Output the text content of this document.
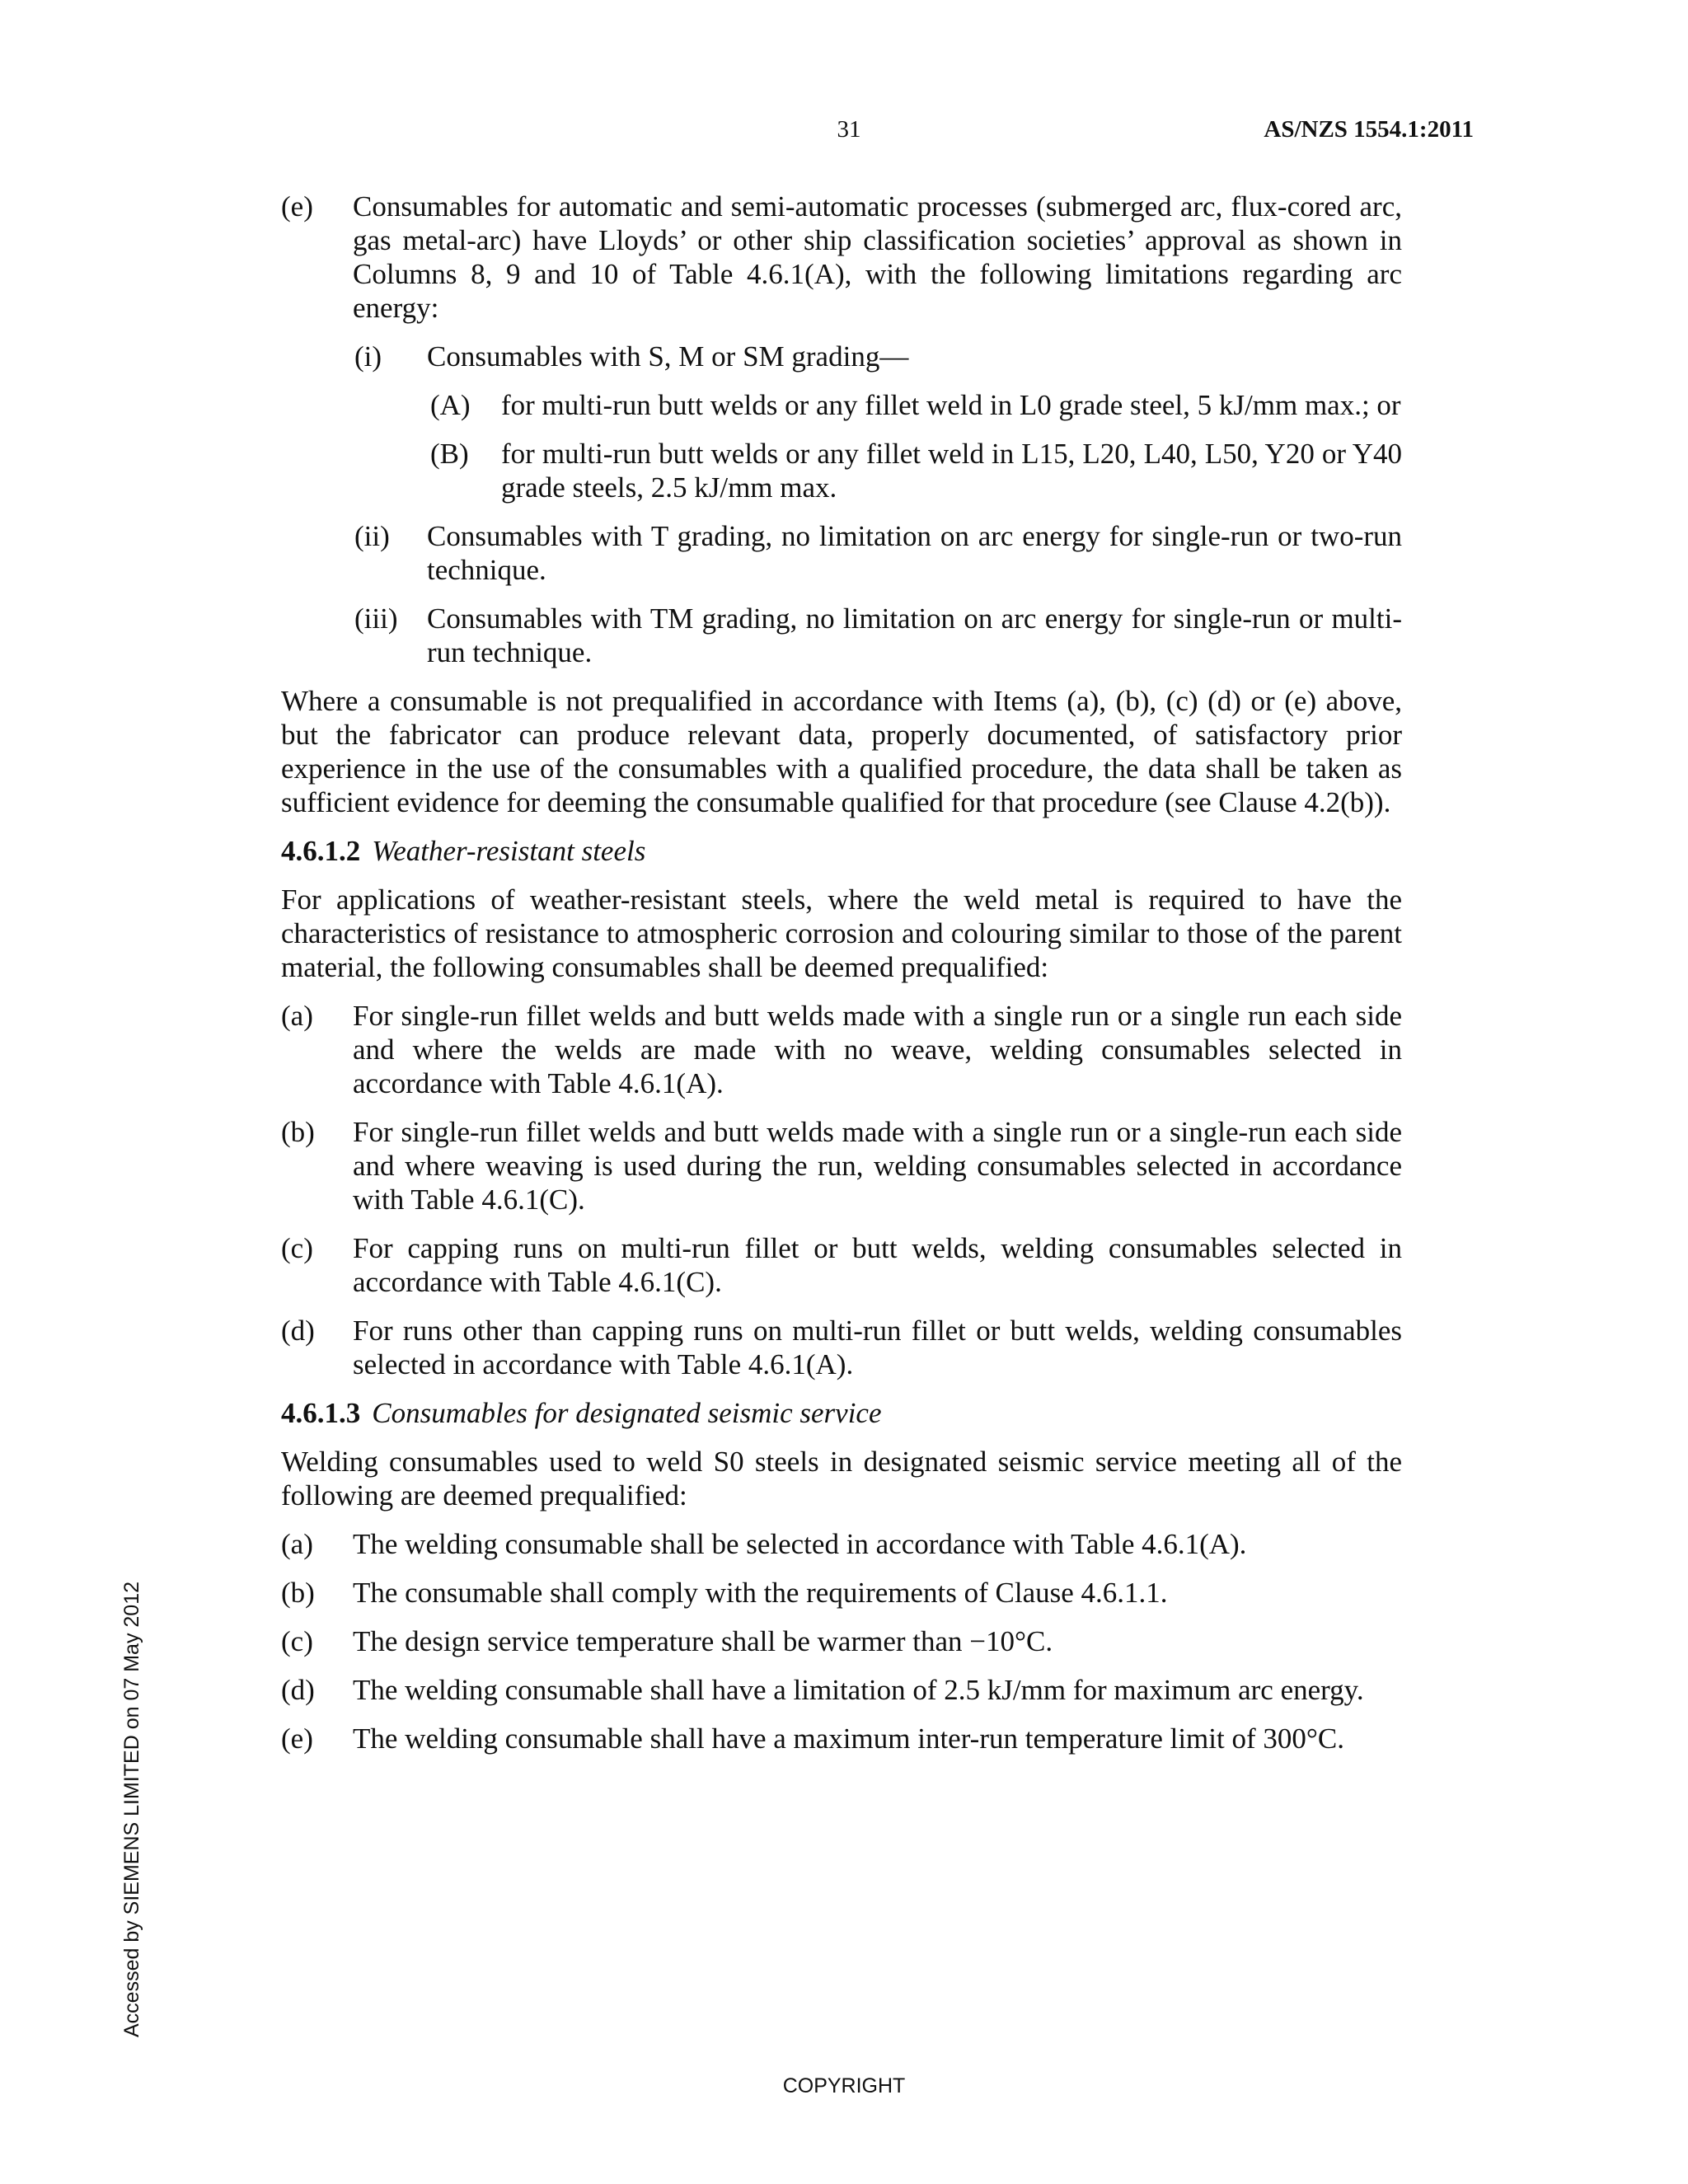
31	AS/NZS 1554.1:2011
(e) Consumables for automatic and semi-automatic processes (submerged arc, flux-cored arc, gas metal-arc) have Lloyds’ or other ship classification societies’ approval as shown in Columns 8, 9 and 10 of Table 4.6.1(A), with the following limitations regarding arc energy:
(i) Consumables with S, M or SM grading—
(A) for multi-run butt welds or any fillet weld in L0 grade steel, 5 kJ/mm max.; or
(B) for multi-run butt welds or any fillet weld in L15, L20, L40, L50, Y20 or Y40 grade steels, 2.5 kJ/mm max.
(ii) Consumables with T grading, no limitation on arc energy for single-run or two-run technique.
(iii) Consumables with TM grading, no limitation on arc energy for single-run or multi-run technique.
Where a consumable is not prequalified in accordance with Items (a), (b), (c) (d) or (e) above, but the fabricator can produce relevant data, properly documented, of satisfactory prior experience in the use of the consumables with a qualified procedure, the data shall be taken as sufficient evidence for deeming the consumable qualified for that procedure (see Clause 4.2(b)).
4.6.1.2 Weather-resistant steels
For applications of weather-resistant steels, where the weld metal is required to have the characteristics of resistance to atmospheric corrosion and colouring similar to those of the parent material, the following consumables shall be deemed prequalified:
(a) For single-run fillet welds and butt welds made with a single run or a single run each side and where the welds are made with no weave, welding consumables selected in accordance with Table 4.6.1(A).
(b) For single-run fillet welds and butt welds made with a single run or a single-run each side and where weaving is used during the run, welding consumables selected in accordance with Table 4.6.1(C).
(c) For capping runs on multi-run fillet or butt welds, welding consumables selected in accordance with Table 4.6.1(C).
(d) For runs other than capping runs on multi-run fillet or butt welds, welding consumables selected in accordance with Table 4.6.1(A).
4.6.1.3 Consumables for designated seismic service
Welding consumables used to weld S0 steels in designated seismic service meeting all of the following are deemed prequalified:
(a) The welding consumable shall be selected in accordance with Table 4.6.1(A).
(b) The consumable shall comply with the requirements of Clause 4.6.1.1.
(c) The design service temperature shall be warmer than −10°C.
(d) The welding consumable shall have a limitation of 2.5 kJ/mm for maximum arc energy.
(e) The welding consumable shall have a maximum inter-run temperature limit of 300°C.
Accessed by SIEMENS LIMITED on 07 May 2012
COPYRIGHT
